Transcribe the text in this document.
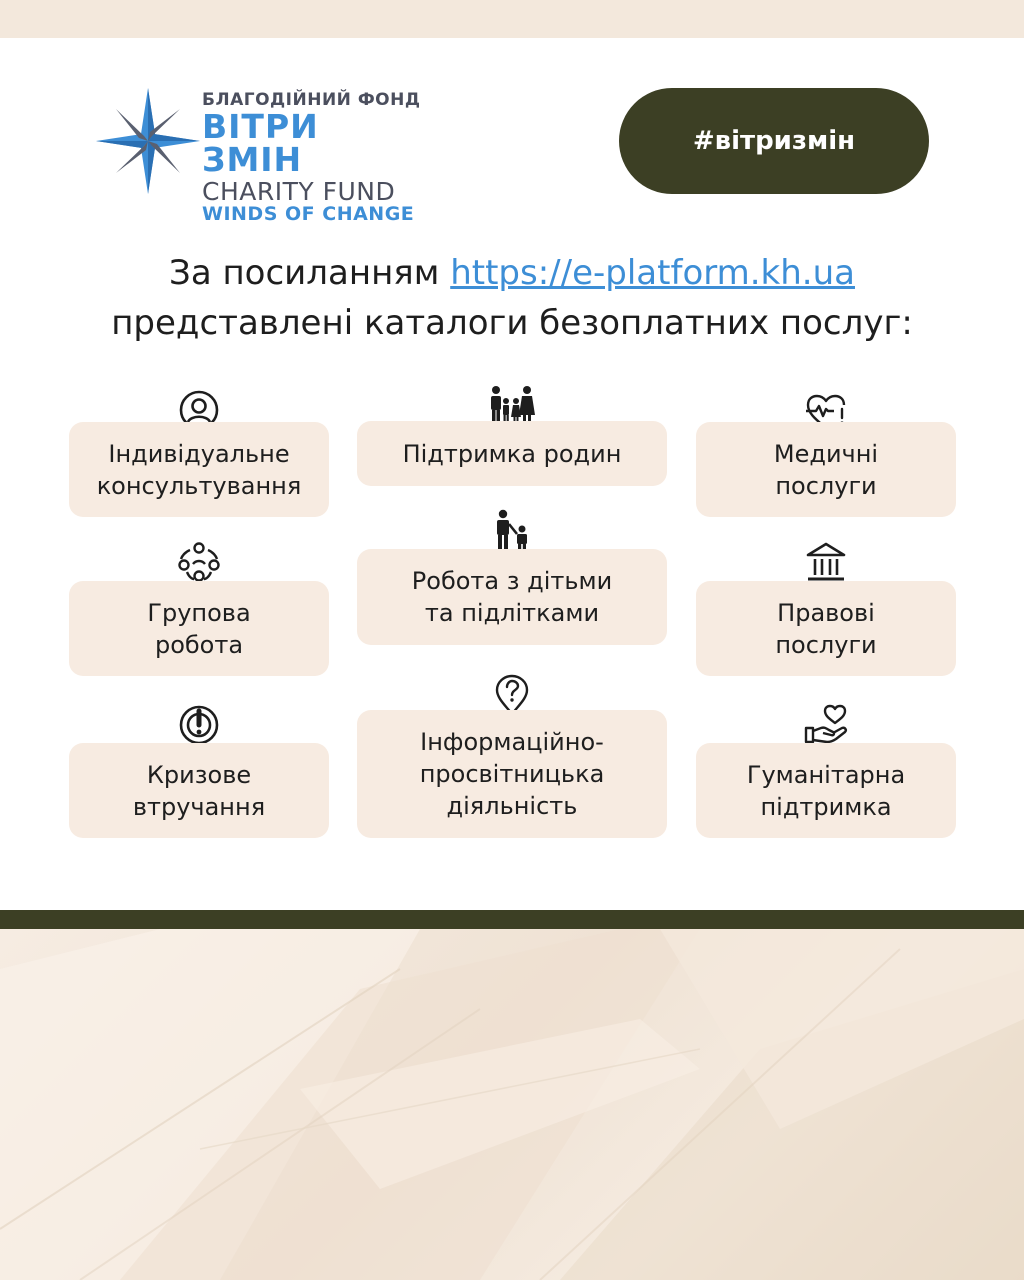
БЛАГОДІЙНИЙ ФОНД
ВІТРИ ЗМІН
CHARITY FUND
WINDS OF CHANGE
#вітризмін
За посиланням https://e-platform.kh.ua
представлені каталоги безоплатних послуг:
Індивідуальне
консультування
Групова
робота
Кризове
втручання
Підтримка родин
Робота з дітьми
та підлітками
Інформаційно-
просвітницька
діяльність
Медичні
послуги
Правові
послуги
Гуманітарна
підтримка
